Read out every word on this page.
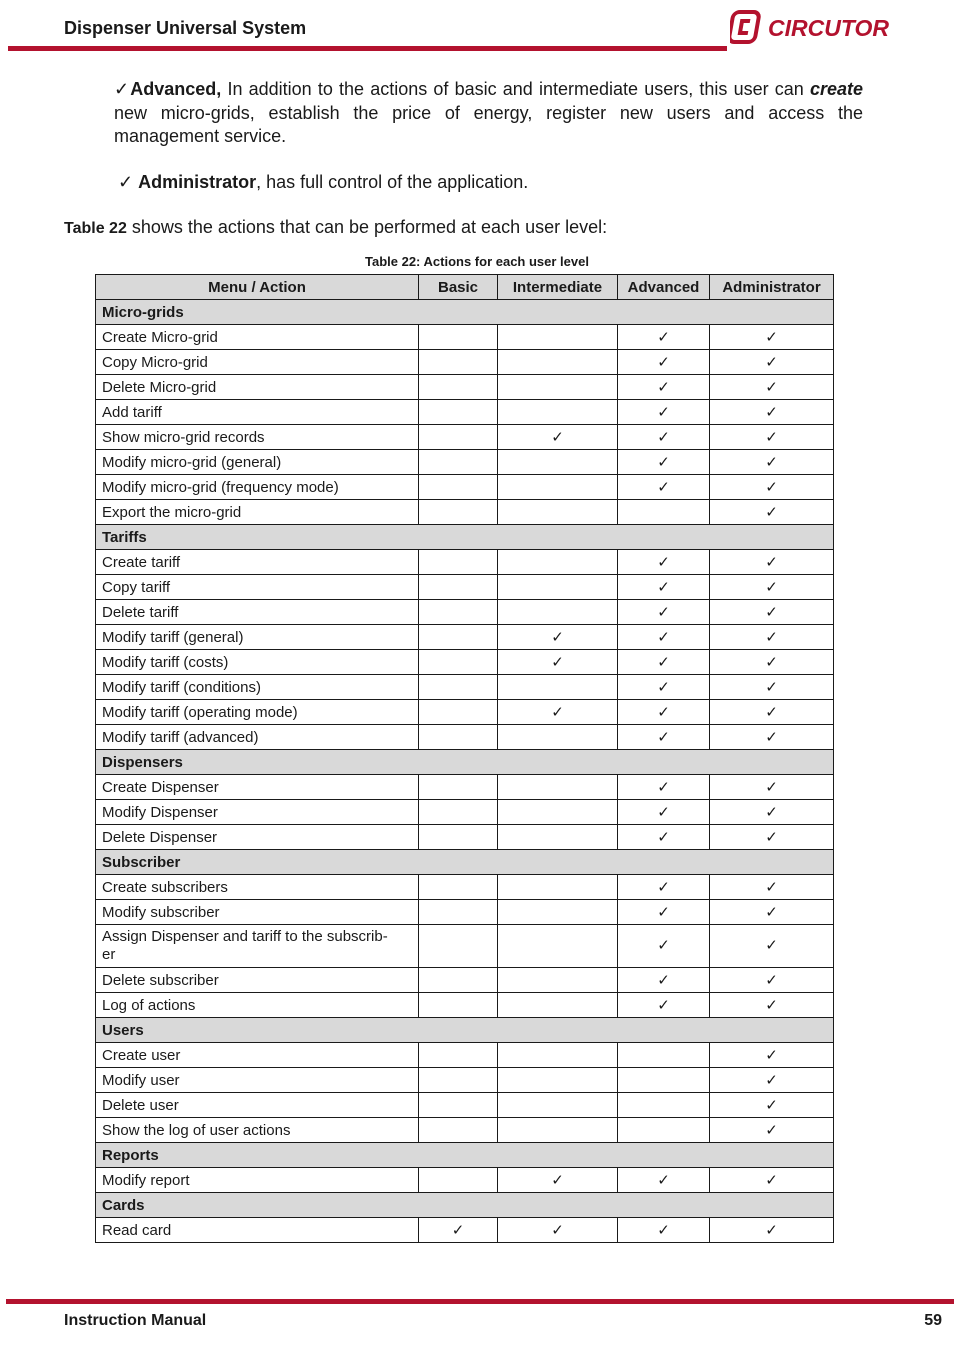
Dispenser Universal System	CIRCUTOR
✓Advanced, In addition to the actions of basic and intermediate users, this user can create new micro-grids, establish the price of energy, register new users and access the management service.
✓ Administrator, has full control of the application.
Table 22 shows the actions that can be performed at each user level:
Table 22: Actions for each user level
Menu / Action	Basic	Intermediate	Advanced	Administrator
Micro-grids				
Create Micro-grid			✓	✓
Copy Micro-grid			✓	✓
Delete Micro-grid			✓	✓
Add tariff			✓	✓
Show micro-grid records		✓	✓	✓
Modify micro-grid (general)			✓	✓
Modify micro-grid (frequency mode)			✓	✓
Export the micro-grid				✓
Tariffs				
Create tariff			✓	✓
Copy tariff			✓	✓
Delete tariff			✓	✓
Modify tariff (general)		✓	✓	✓
Modify tariff (costs)		✓	✓	✓
Modify tariff (conditions)			✓	✓
Modify tariff (operating mode)		✓	✓	✓
Modify tariff (advanced)			✓	✓
Dispensers				
Create Dispenser			✓	✓
Modify Dispenser			✓	✓
Delete Dispenser			✓	✓
Subscriber				
Create subscribers			✓	✓
Modify subscriber			✓	✓

Assign Dispenser and tariff to the subscrib-
er			✓	✓
Delete subscriber			✓	✓
Log of actions			✓	✓
Users				
Create user				✓
Modify user				✓
Delete user				✓
Show the log of user actions				✓
Reports				
Modify report		✓	✓	✓
Cards				
Read card	✓	✓	✓	✓
Instruction Manual	59
